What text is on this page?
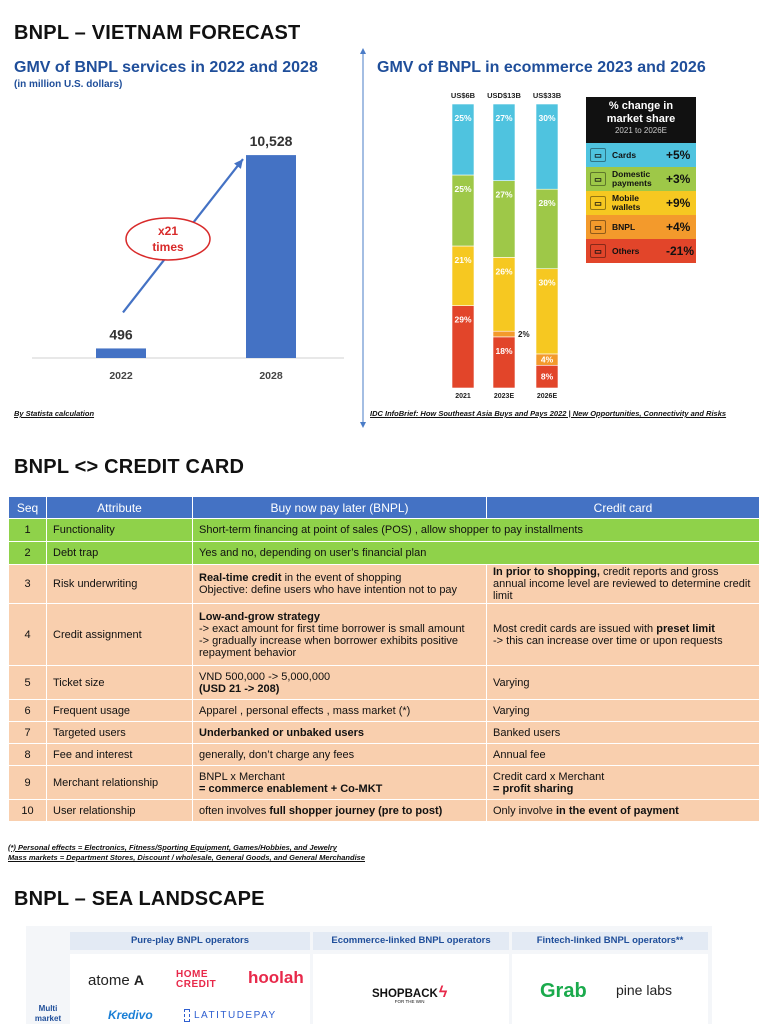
BNPL – VIETNAM FORECAST
GMV of BNPL services in 2022 and 2028
(in million U.S. dollars)
496
2022
10,528
2028
x21
times
By Statista calculation
GMV of BNPL in ecommerce 2023 and 2026
29%
21%
25%
25%
US$6B
2021
18%
2%
26%
27%
27%
USD$13B
2023E
8%
4%
30%
28%
30%
US$33B
2026E
% change in
market share
2021 to 2026E
▭	Cards	+5%
▭	Domestic payments	+3%
▭	Mobile wallets	+9%
▭	BNPL	+4%
▭	Others	-21%
IDC InfoBrief: How Southeast Asia Buys and Pays 2022 | New Opportunities, Connectivity and Risks
BNPL <> CREDIT CARD
Seq	Attribute	Buy now pay later (BNPL)	Credit card
1	Functionality	Short-term financing at point of sales (POS) , allow shopper to pay installments	
2	Debt trap	Yes and no, depending on user’s financial plan	
3	Risk underwriting	Real-time credit in the event of shopping
Objective: define users who have intention not to pay	In prior to shopping, credit reports and gross annual income level are reviewed to determine credit limit
4	Credit assignment	Low-and-grow strategy
-> exact amount for first time borrower is small amount
-> gradually increase when borrower exhibits positive repayment behavior	Most credit cards are issued with preset limit
-> this can increase over time or upon requests
5	Ticket size	VND 500,000 -> 5,000,000
(USD 21 -> 208)	Varying
6	Frequent usage	Apparel , personal effects , mass market (*)	Varying
7	Targeted users	Underbanked or unbaked users	Banked users
8	Fee and interest	generally, don’t charge any fees	Annual fee
9	Merchant relationship	BNPL x Merchant
= commerce enablement + Co-MKT	Credit card x Merchant
= profit sharing
10	User relationship	often involves full shopper journey (pre to post)	Only involve in the event of payment
(*) Personal effects = Electronics, Fitness/Sporting Equipment, Games/Hobbies, and Jewelry
Mass markets = Department Stores, Discount / wholesale, General Goods, and General Merchandise
BNPL – SEA LANDSCAPE
Pure-play BNPL operators	Ecommerce-linked BNPL operators	Fintech-linked BNPL operators**
Multi
market
atome A	HOME
CREDIT hoolah
Kredivo	LATITUDEPAY
SHOPBACKϟ
FOR THE WIN	Grab pine labs
